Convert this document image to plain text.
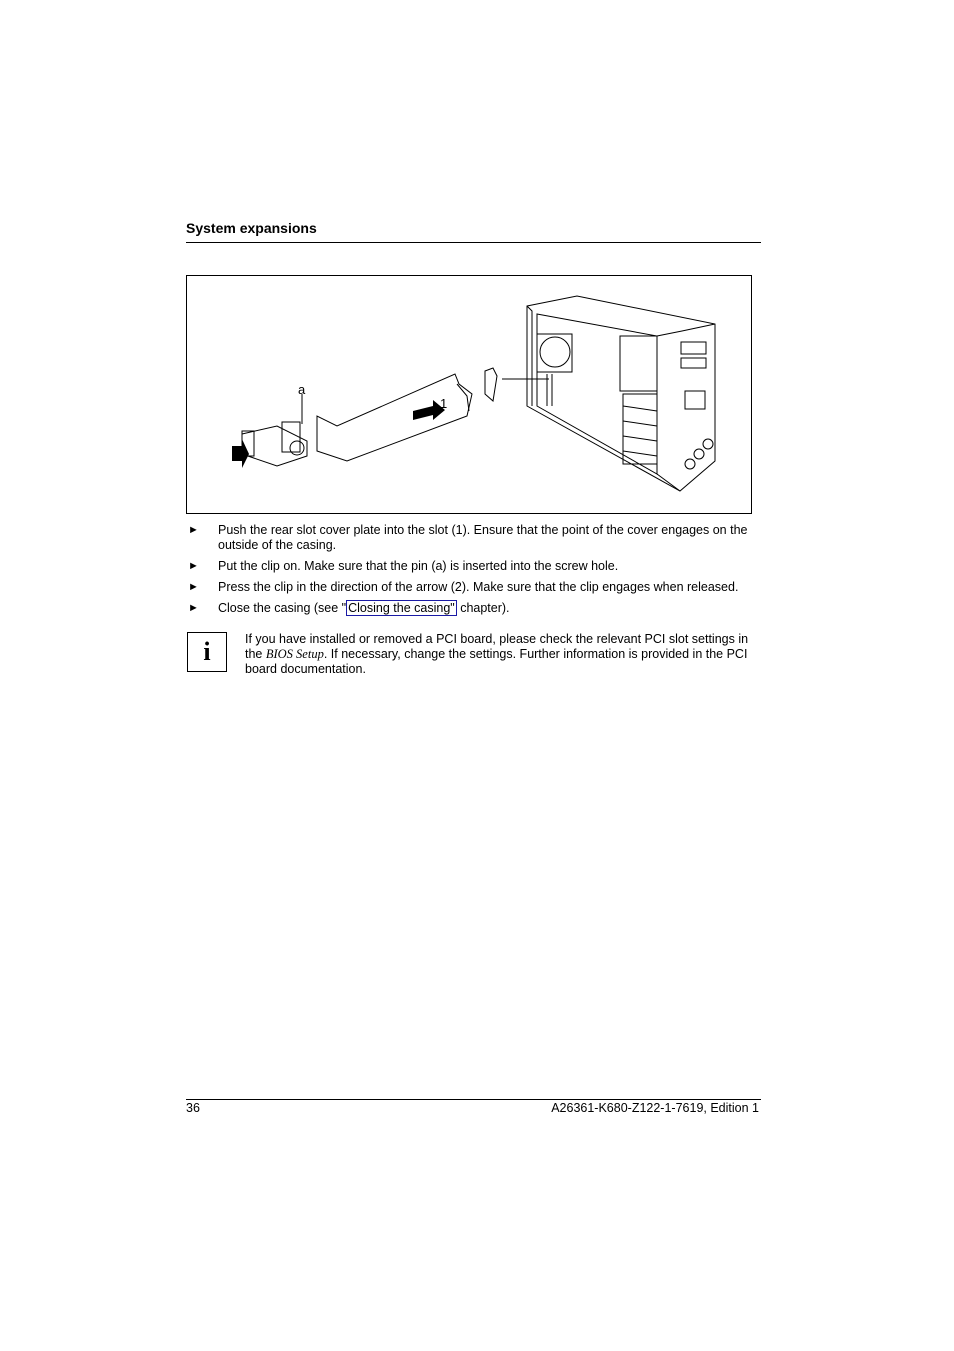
System expansions
a
1
2
► Push the rear slot cover plate into the slot (1). Ensure that the point of the cover engages on the outside of the casing.
► Put the clip on. Make sure that the pin (a) is inserted into the screw hole.
► Press the clip in the direction of the arrow (2). Make sure that the clip engages when released.
► Close the casing (see " Closing the casing" chapter).
i	If you have installed or removed a PCI board, please check the relevant PCI slot settings in the BIOS Setup. If necessary, change the settings. Further information is provided in the PCI board documentation.
36	A26361-K680-Z122-1-7619, Edition 1
